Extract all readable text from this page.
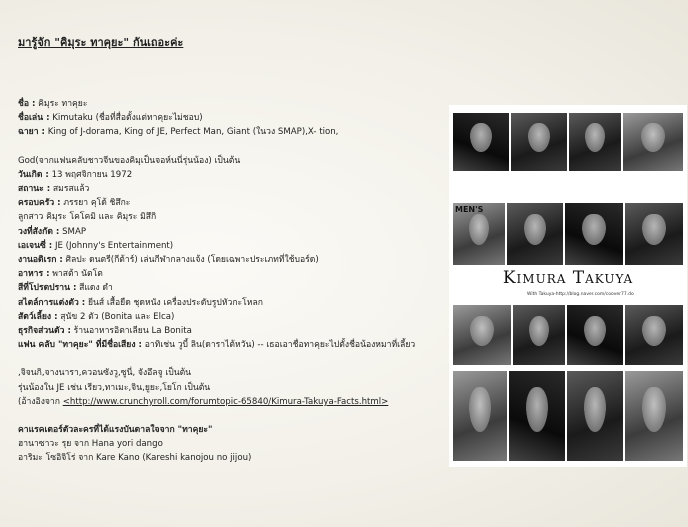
มารู้จัก "คิมุระ ทาคุยะ" กันเถอะค่ะ
ชื่อ : คิมุระ ทาคุยะ
ชื่อเล่น : Kimutaku (ชื่อที่สื่อตั้งแต่ทาคุยะไม่ชอบ)
ฉายา : King of J-dorama, King of JE, Perfect Man, Giant (ในวง SMAP),X- tion,
God(จากแฟนคลับชาวจีนของคิมุเป็นจอห์นนี่รุ่นน้อง) เป็นต้น
วันเกิด : 13 พฤศจิกายน 1972
สถานะ : สมรสแล้ว
ครอบครัว : ภรรยา คุโด้ ชิสึกะ
ลูกสาว คิมุระ โคโคมิ และ คิมุระ มิสึกิ
วงที่สังกัด : SMAP
เอเจนซี่ : JE (Johnny's Entertainment)
งานอดิเรก : ศิลปะ ดนตรี(กีต้าร์) เล่นกีฬากลางแจ้ง (โดยเฉพาะประเภทที่ใช้บอร์ด)
อาหาร : พาสต้า นัตโต
สีที่โปรดปราน : สีแดง ดำ
สไตล์การแต่งตัว : ยีนส์ เสื้อยืด ชุดหนัง เครื่องประดับรูปหัวกะโหลก
สัตว์เลี้ยง : สุนัข 2 ตัว (Bonita และ Elca)
ธุรกิจส่วนตัว : ร้านอาหารอิตาเลียน La Bonita
แฟน คลับ "ทาคุยะ" ที่มีชื่อเสียง : อาทิเช่น วูบี้ ลิน(ดาราไต้หวัน) -- เธอเอาชื่อทาคุยะไปตั้งชื่อน้องหมาที่เลี้ยว
,จิจนกิ,จางนารา,ควอนซังวู,ซูนี่, จังอึลจู เป็นต้น
รุ่นน้องใน JE เช่น เรียว,ทาเมะ,จิน,ยูยะ,โยโก เป็นต้น
(อ้างอิงจาก <http://www.crunchyroll.com/forumtopic-65840/Kimura-Takuya-Facts.html>
คาแรคเตอร์ตัวละครที่ได้แรงบันดาลใจจาก "ทาคุยะ"
ฮานาซาวะ รุย จาก Hana yori dango
อาริมะ โซอิจิโร่ จาก Kare Kano (Kareshi kanojou no jijou)
MEN'S
Kimura Takuya
With Takuya-http://blog.naver.com/coover77.do
